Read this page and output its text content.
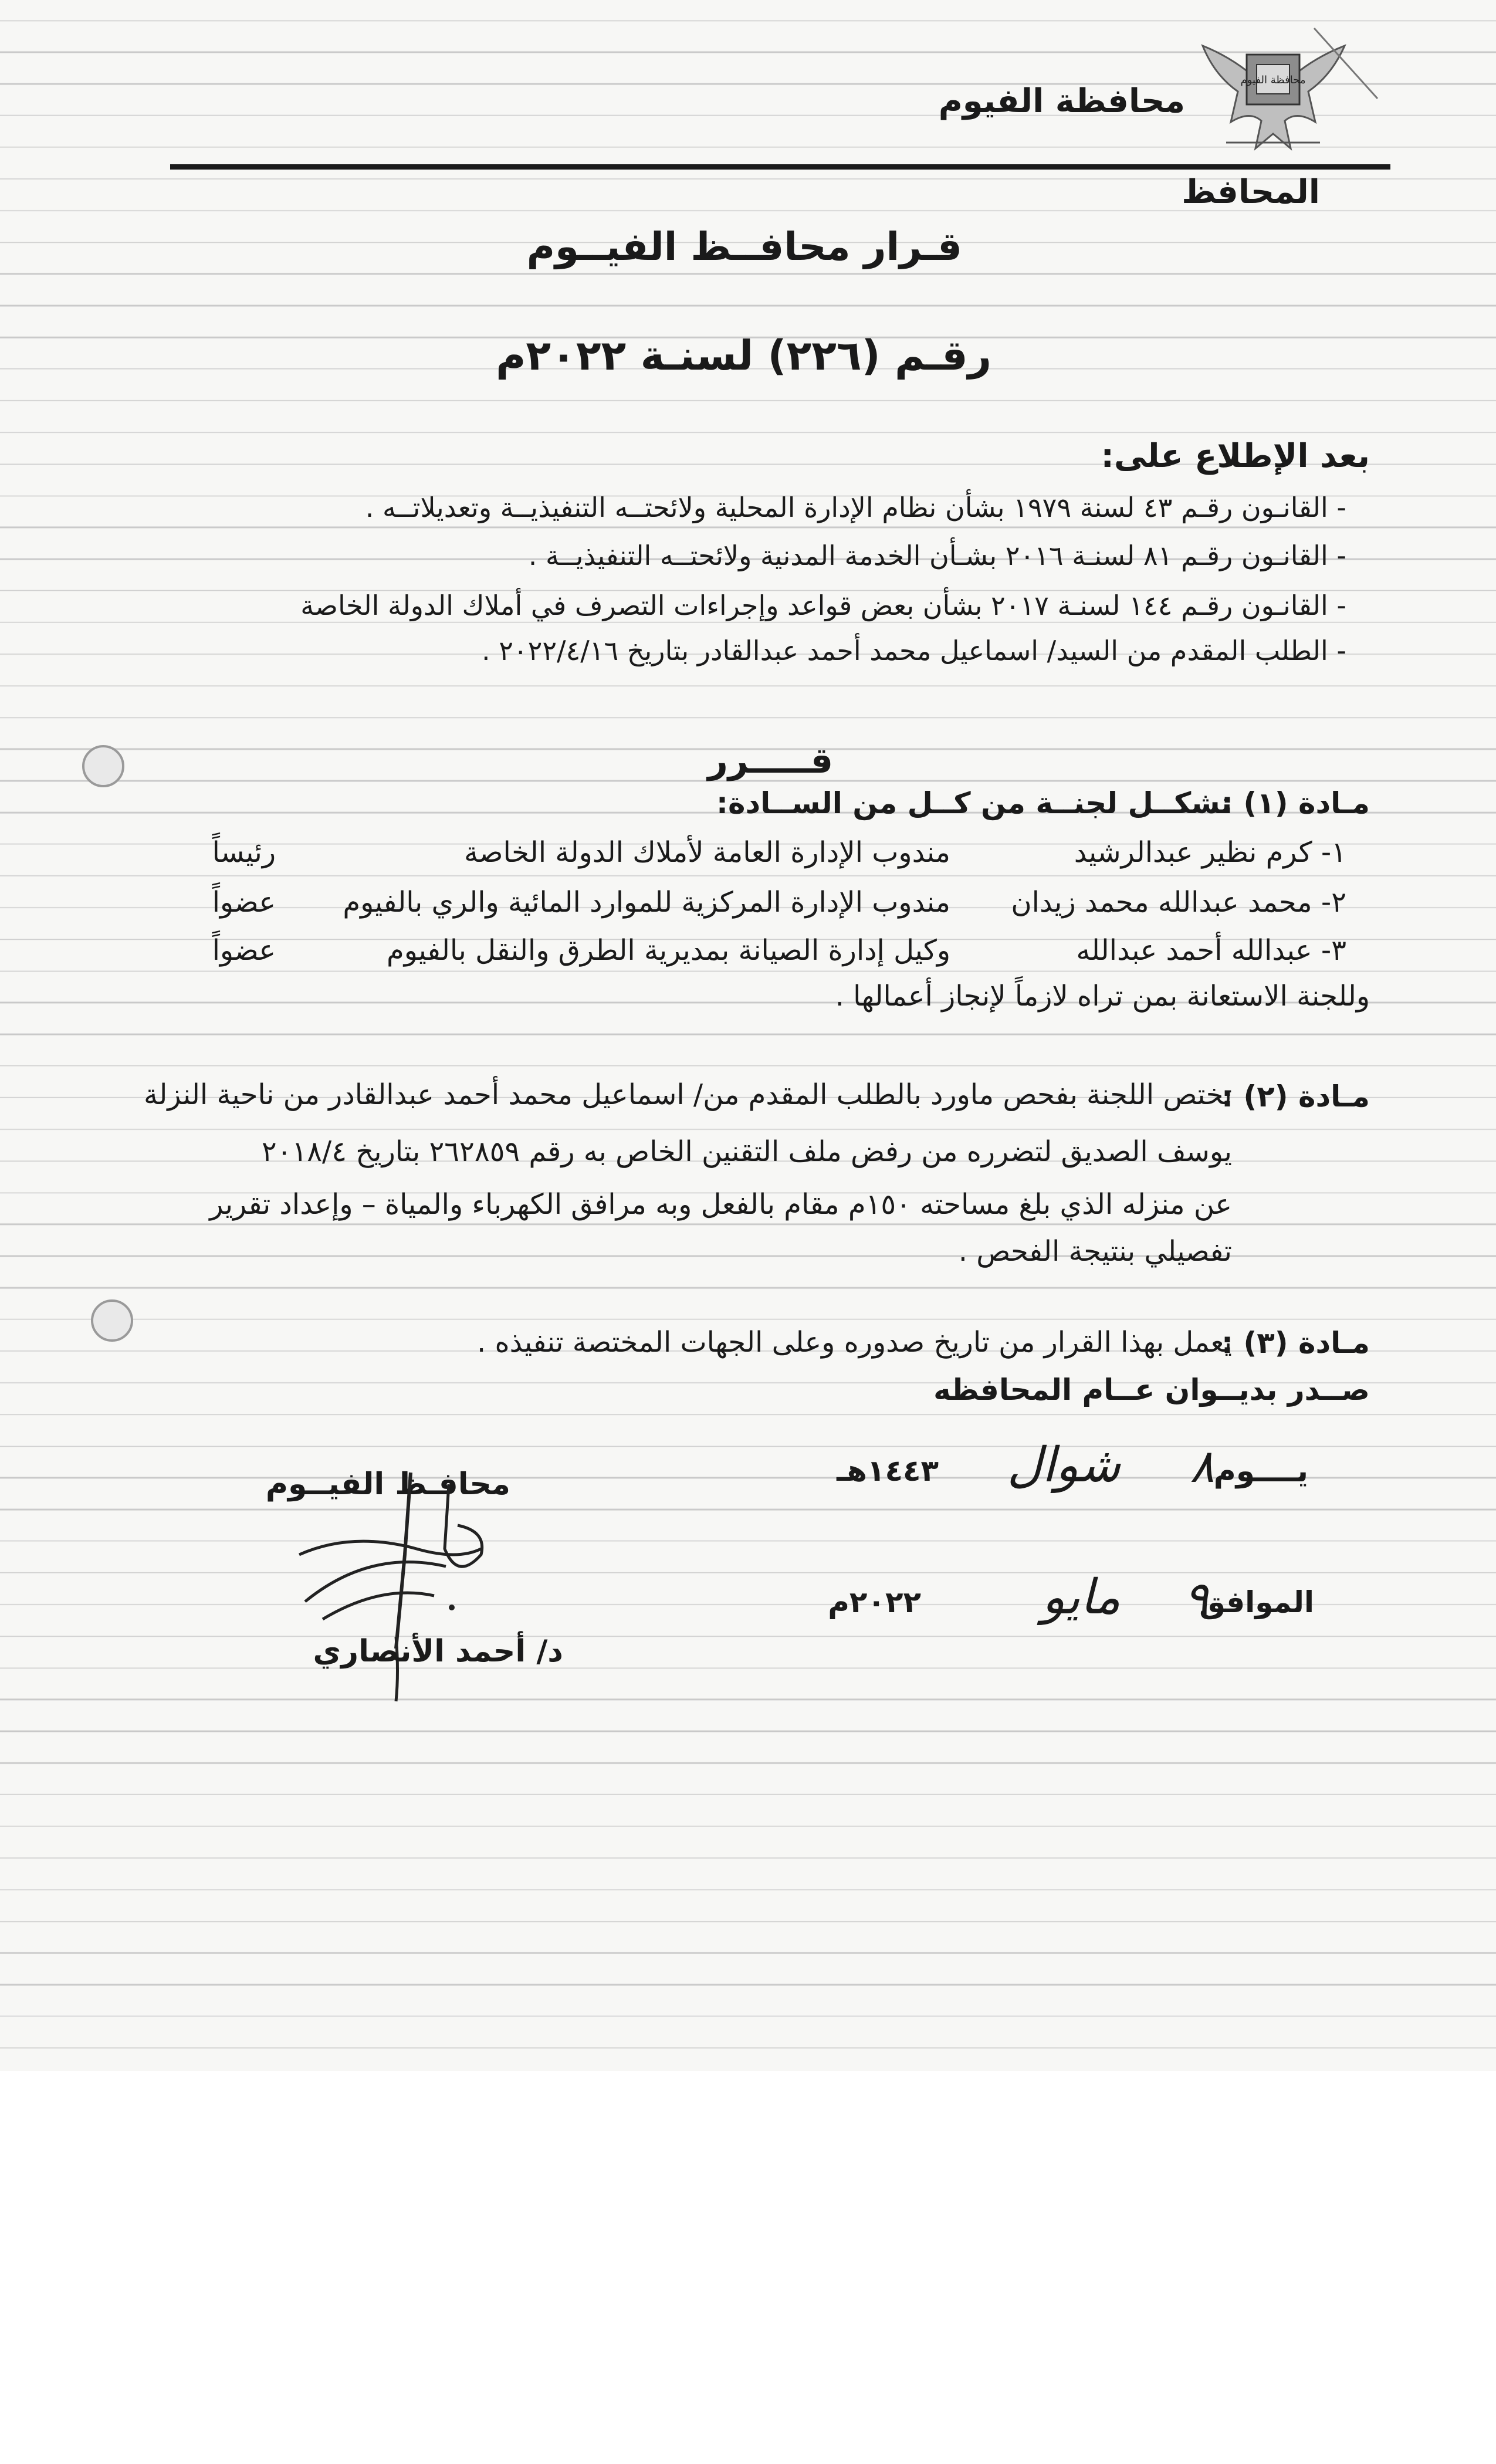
محافظة الفيوم
محافظة الفيوم
المحافظ
قـرار محافــظ الفيــوم
رقـم (٢٢٦) لسنـة ٢٠٢٢م
بعد الإطلاع على:
- القانـون رقـم ٤٣ لسنة ١٩٧٩ بشأن نظام الإدارة المحلية ولائحتــه التنفيذيــة وتعديلاتــه .
- القانـون رقـم ٨١ لسنـة ٢٠١٦ بشـأن الخدمة المدنية ولائحتــه التنفيذيــة .
- القانـون رقـم ١٤٤ لسنـة ٢٠١٧ بشأن بعض قواعد وإجراءات التصرف في أملاك الدولة الخاصة
- الطلب المقدم من السيد/ اسماعيل محمد أحمد عبدالقادر بتاريخ ٢٠٢٢/٤/١٦ .
قـــــرر
مـادة (١) :
تشكــل لجنــة من كــل من الســادة:
١- كرم نظير عبدالرشيد
مندوب الإدارة العامة لأملاك الدولة الخاصة
رئيساً
٢- محمد عبدالله محمد زيدان
مندوب الإدارة المركزية للموارد المائية والري بالفيوم
عضواً
٣- عبدالله أحمد عبدالله
وكيل إدارة الصيانة بمديرية الطرق والنقل بالفيوم
عضواً
وللجنة الاستعانة بمن تراه لازماً لإنجاز أعمالها .
مـادة (٢) :
تختص اللجنة بفحص ماورد بالطلب المقدم من/ اسماعيل محمد أحمد عبدالقادر من ناحية النزلة
يوسف الصديق لتضرره من رفض ملف التقنين الخاص به رقم ٢٦٢٨٥٩ بتاريخ ٢٠١٨/٤
عن منزله الذي بلغ مساحته ١٥٠م مقام بالفعل وبه مرافق الكهرباء والمياة – وإعداد تقرير
تفصيلي بنتيجة الفحص .
مـادة (٣) :
يعمل بهذا القرار من تاريخ صدوره وعلى الجهات المختصة تنفيذه .
صــدر بديــوان عــام المحافظه
يــــوم
٨
شوال
١٤٤٣هـ
الموافق
٩
مايو
٢٠٢٢م
محافـظ الفيــوم
د/ أحمد الأنصاري
